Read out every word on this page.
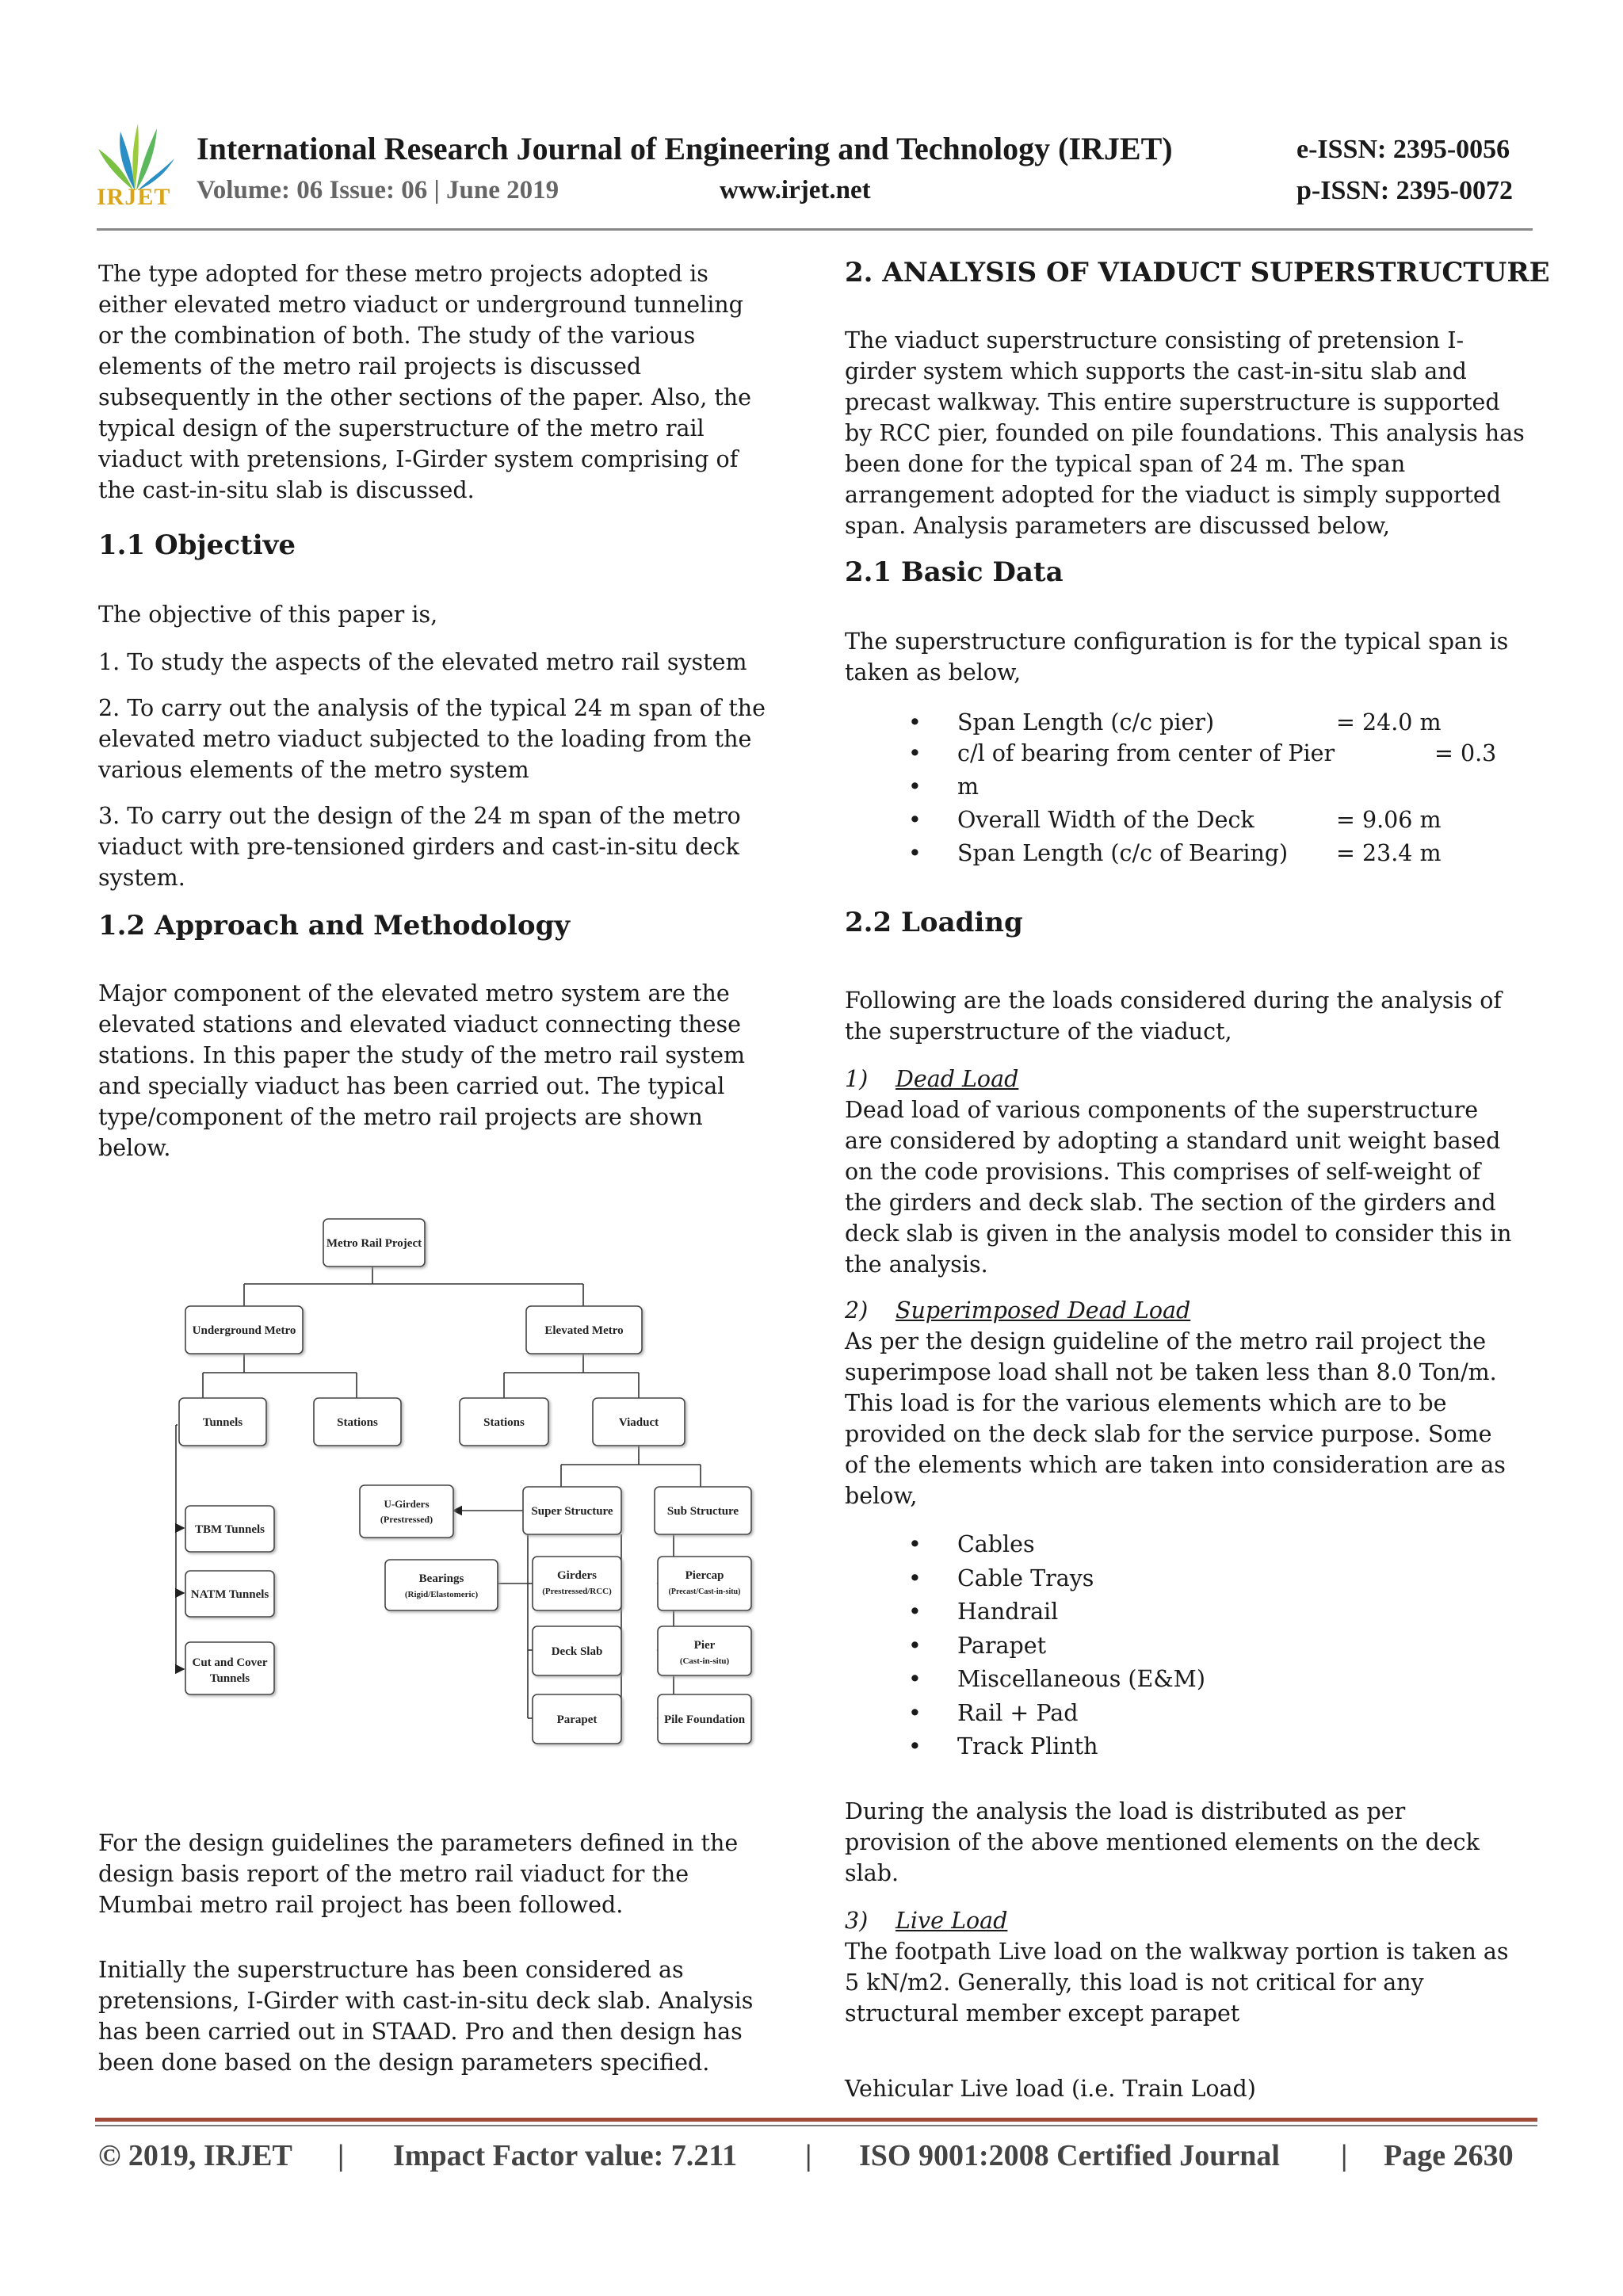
IRJET
International Research Journal of Engineering and Technology (IRJET)	e-ISSN: 2395-0056
Volume: 06 Issue: 06 | June 2019	www.irjet.net	p-ISSN: 2395-0072
The type adopted for these metro projects adopted is
either elevated metro viaduct or underground tunneling
or the combination of both. The study of the various
elements of the metro rail projects is discussed
subsequently in the other sections of the paper. Also, the
typical design of the superstructure of the metro rail
viaduct with pretensions, I-Girder system comprising of
the cast-in-situ slab is discussed.
1.1 Objective
The objective of this paper is,
1. To study the aspects of the elevated metro rail system
2. To carry out the analysis of the typical 24 m span of the
elevated metro viaduct subjected to the loading from the
various elements of the metro system
3. To carry out the design of the 24 m span of the metro
viaduct with pre-tensioned girders and cast-in-situ deck
system.
1.2 Approach and Methodology
Major component of the elevated metro system are the
elevated stations and elevated viaduct connecting these
stations. In this paper the study of the metro rail system
and specially viaduct has been carried out. The typical
type/component of the metro rail projects are shown
below.
Metro Rail Project
Underground Metro	Elevated Metro
Tunnels	Stations	Stations	Viaduct
TBM Tunnels
NATM Tunnels
Cut and Cover
Tunnels
U-Girders
(Prestressed)
Super Structure	Sub Structure
Bearings
(Rigid/Elastomeric)
Girders
(Prestressed/RCC)
Deck Slab
Parapet
Piercap
(Precast/Cast-in-situ)
Pier
(Cast-in-situ)
Pile Foundation
For the design guidelines the parameters defined in the
design basis report of the metro rail viaduct for the
Mumbai metro rail project has been followed.
Initially the superstructure has been considered as
pretensions, I-Girder with cast-in-situ deck slab. Analysis
has been carried out in STAAD. Pro and then design has
been done based on the design parameters specified.
2. ANALYSIS OF VIADUCT SUPERSTRUCTURE
The viaduct superstructure consisting of pretension I-
girder system which supports the cast-in-situ slab and
precast walkway. This entire superstructure is supported
by RCC pier, founded on pile foundations. This analysis has
been done for the typical span of 24 m. The span
arrangement adopted for the viaduct is simply supported
span. Analysis parameters are discussed below,
2.1 Basic Data
The superstructure configuration is for the typical span is
taken as below,
• Span Length (c/c pier)	= 24.0 m
• c/l of bearing from center of Pier	= 0.3
• m
• Overall Width of the Deck	= 9.06 m
• Span Length (c/c of Bearing) = 23.4 m
2.2 Loading
Following are the loads considered during the analysis of
the superstructure of the viaduct,
1) Dead Load
Dead load of various components of the superstructure
are considered by adopting a standard unit weight based
on the code provisions. This comprises of self-weight of
the girders and deck slab. The section of the girders and
deck slab is given in the analysis model to consider this in
the analysis.
2) Superimposed Dead Load
As per the design guideline of the metro rail project the
superimpose load shall not be taken less than 8.0 Ton/m.
This load is for the various elements which are to be
provided on the deck slab for the service purpose. Some
of the elements which are taken into consideration are as
below,
• Cables
• Cable Trays
• Handrail
• Parapet
• Miscellaneous (E&M)
• Rail + Pad
• Track Plinth
During the analysis the load is distributed as per
provision of the above mentioned elements on the deck
slab.
3) Live Load
The footpath Live load on the walkway portion is taken as
5 kN/m2. Generally, this load is not critical for any
structural member except parapet
Vehicular Live load (i.e. Train Load)
© 2019, IRJET | Impact Factor value: 7.211 | ISO 9001:2008 Certified Journal | Page 2630
